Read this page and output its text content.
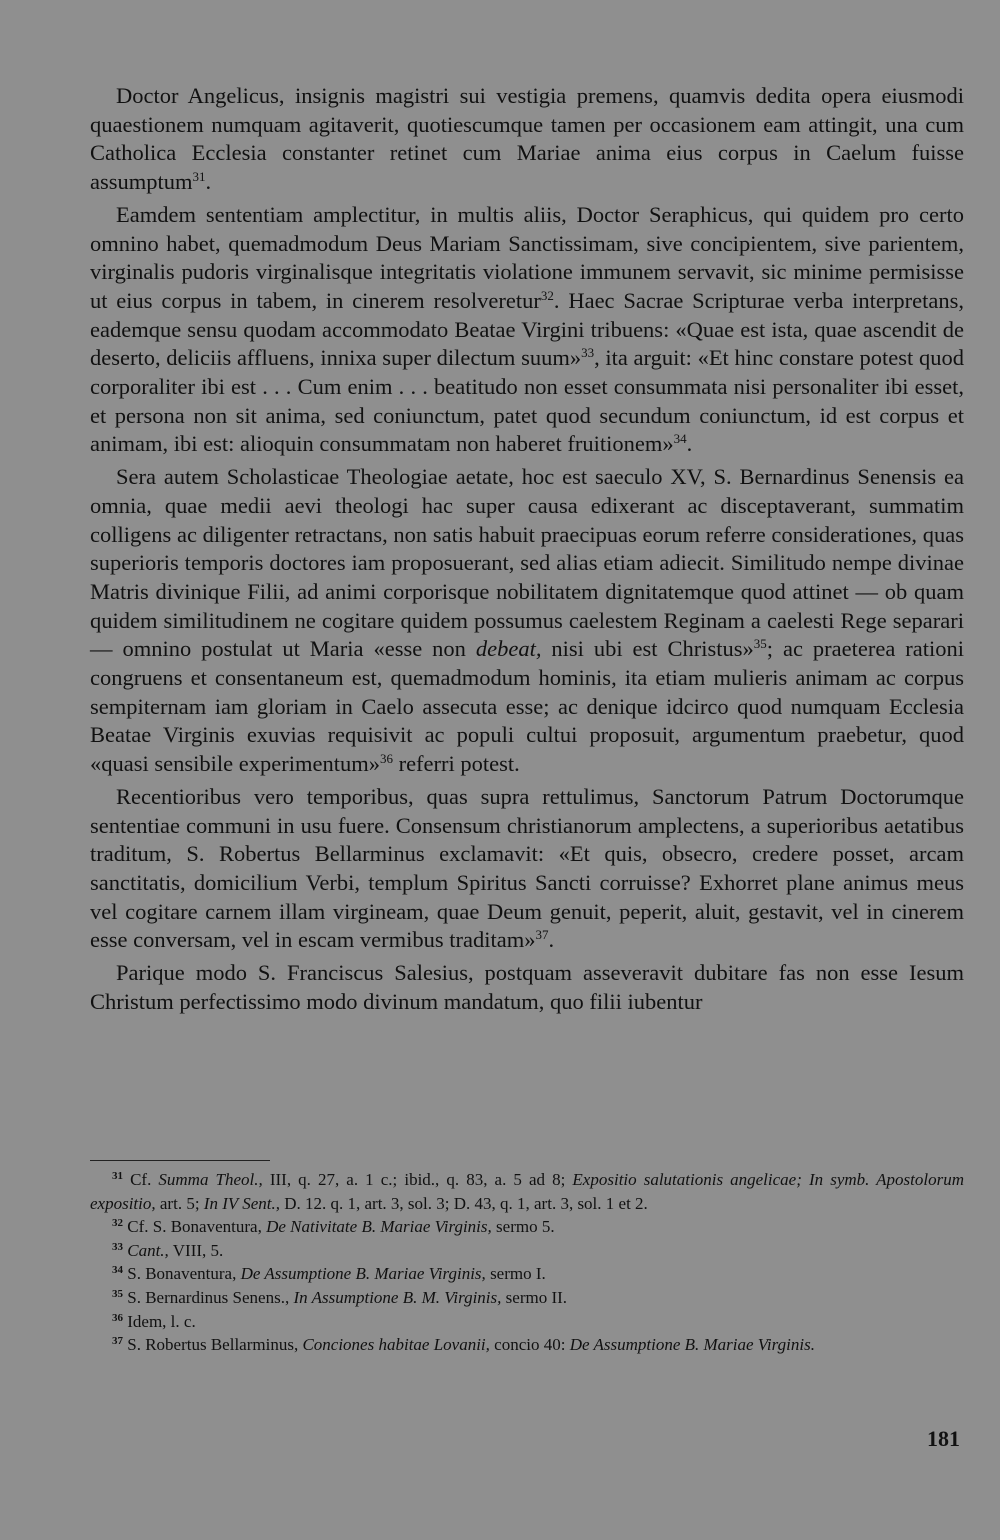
Doctor Angelicus, insignis magistri sui vestigia premens, quamvis dedita opera eiusmodi quaestionem numquam agitaverit, quotiescumque tamen per occasionem eam attingit, una cum Catholica Ecclesia constanter retinet cum Mariae anima eius corpus in Caelum fuisse assumptum$^{31}$.

Eamdem sententiam amplectitur, in multis aliis, Doctor Seraphicus, qui quidem pro certo omnino habet, quemadmodum Deus Mariam Sanctissimam, sive concipientem, sive parientem, virginalis pudoris virginalisque integritatis violatione immunem servavit, sic minime permisisse ut eius corpus in tabem, in cinerem resolveretur$^{32}$. Haec Sacrae Scripturae verba interpretans, eademque sensu quodam accommodato Beatae Virgini tribuens: «Quae est ista, quae ascendit de deserto, deliciis affluens, innixa super dilectum suum»$^{33}$, ita arguit: «Et hinc constare potest quod corporaliter ibi est . . . Cum enim . . . beatitudo non esset consummata nisi personaliter ibi esset, et persona non sit anima, sed coniunctum, patet quod secundum coniunctum, id est corpus et animam, ibi est: alioquin consummatam non haberet fruitionem»$^{34}$.

Sera autem Scholasticae Theologiae aetate, hoc est saeculo XV, S. Bernardinus Senensis ea omnia, quae medii aevi theologi hac super causa edixerant ac disceptaverant, summatim colligens ac diligenter retractans, non satis habuit praecipuas eorum referre considerationes, quas superioris temporis doctores iam proposuerant, sed alias etiam adiecit. Similitudo nempe divinae Matris divinique Filii, ad animi corporisque nobilitatem dignitatemque quod attinet — ob quam quidem similitudinem ne cogitare quidem possumus caelestem Reginam a caelesti Rege separari — omnino postulat ut Maria «esse non debeat, nisi ubi est Christus»$^{35}$; ac praeterea rationi congruens et consentaneum est, quemadmodum hominis, ita etiam mulieris animam ac corpus sempiternam iam gloriam in Caelo assecuta esse; ac denique idcirco quod numquam Ecclesia Beatae Virginis exuvias requisivit ac populi cultui proposuit, argumentum praebetur, quod «quasi sensibile experimentum»$^{36}$ referri potest.

Recentioribus vero temporibus, quas supra rettulimus, Sanctorum Patrum Doctorumque sententiae communi in usu fuere. Consensum christianorum amplectens, a superioribus aetatibus traditum, S. Robertus Bellarminus exclamavit: «Et quis, obsecro, credere posset, arcam sanctitatis, domicilium Verbi, templum Spiritus Sancti corruisse? Exhorret plane animus meus vel cogitare carnem illam virgineam, quae Deum genuit, peperit, aluit, gestavit, vel in cinerem esse conversam, vel in escam vermibus traditam»$^{37}$.

Parique modo S. Franciscus Salesius, postquam asseveravit dubitare fas non esse Iesum Christum perfectissimo modo divinum mandatum, quo filii iubentur

$^{31}$ Cf. Summa Theol., III, q. 27, a. 1 c.; ibid., q. 83, a. 5 ad 8; Expositio salutationis angelicae; In symb. Apostolorum expositio, art. 5; In IV Sent., D. 12. q. 1, art. 3, sol. 3; D. 43, q. 1, art. 3, sol. 1 et 2.

$^{32}$ Cf. S. Bonaventura, De Nativitate B. Mariae Virginis, sermo 5.

$^{33}$ Cant., VIII, 5.

$^{34}$ S. Bonaventura, De Assumptione B. Mariae Virginis, sermo I.

$^{35}$ S. Bernardinus Senens., In Assumptione B. M. Virginis, sermo II.

$^{36}$ Idem, l. c.

$^{37}$ S. Robertus Bellarminus, Conciones habitae Lovanii, concio 40: De Assumptione B. Mariae Virginis.

181
